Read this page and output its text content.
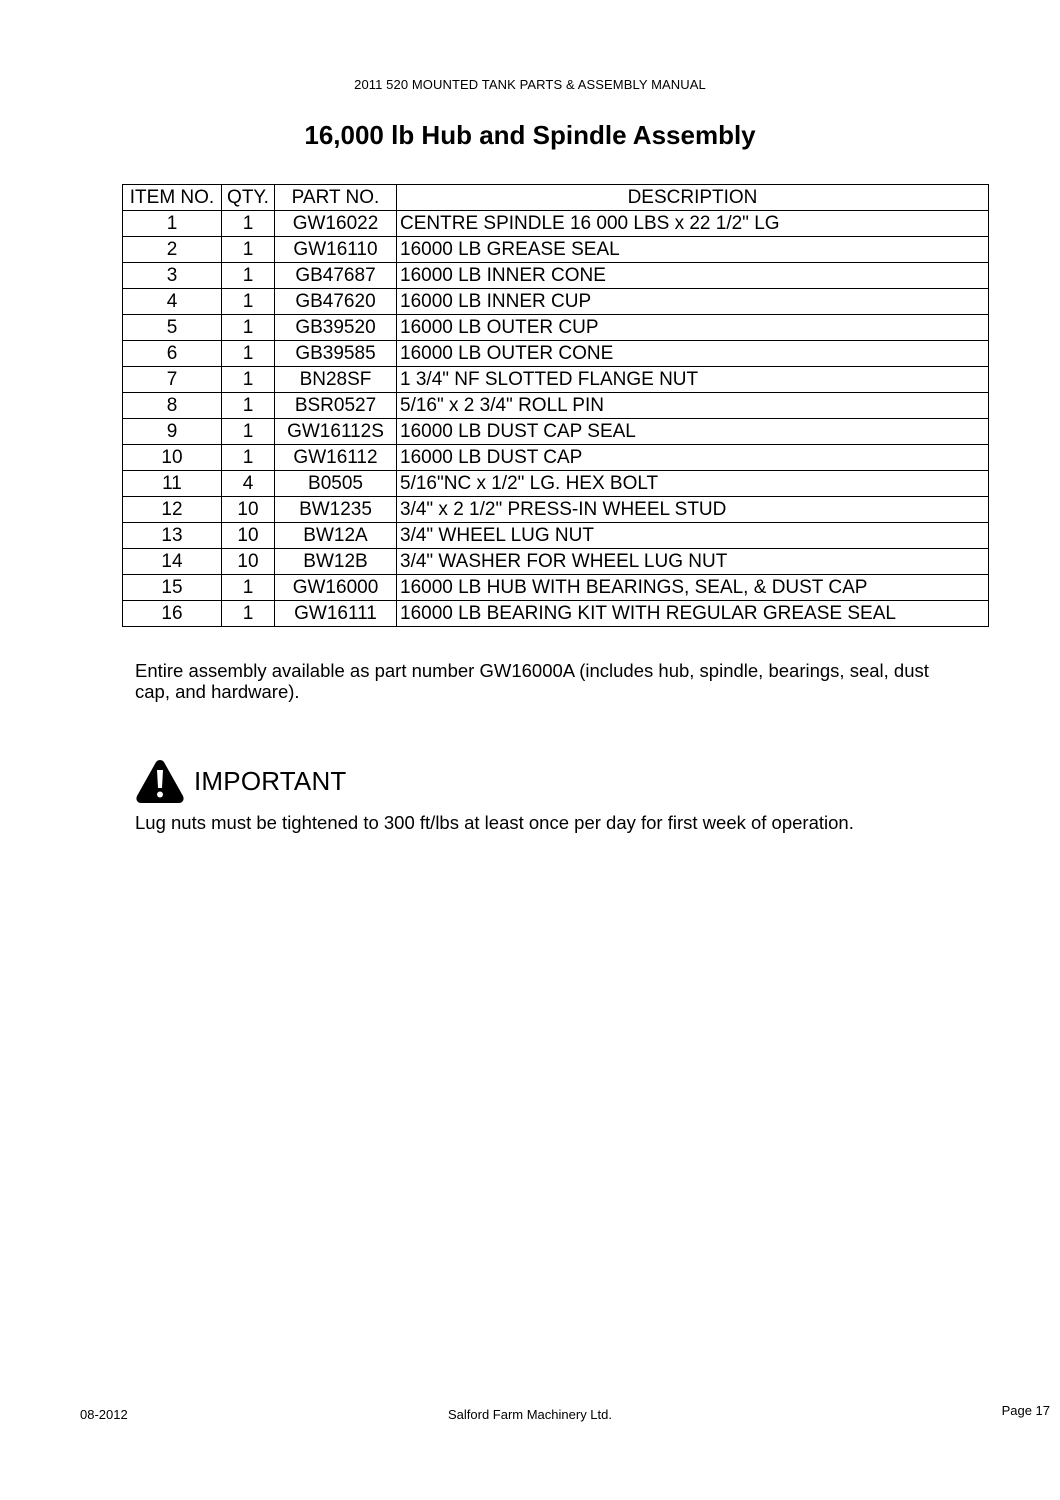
2011 520 MOUNTED TANK PARTS & ASSEMBLY MANUAL
16,000 lb Hub and Spindle Assembly
ITEM NO.	QTY.	PART NO.	DESCRIPTION
1	1	GW16022	CENTRE SPINDLE 16 000 LBS x 22 1/2" LG
2	1	GW16110	16000 LB GREASE SEAL
3	1	GB47687	16000 LB INNER CONE
4	1	GB47620	16000 LB INNER CUP
5	1	GB39520	16000 LB OUTER CUP
6	1	GB39585	16000 LB OUTER CONE
7	1	BN28SF	1 3/4" NF SLOTTED FLANGE NUT
8	1	BSR0527	5/16" x 2 3/4" ROLL PIN
9	1	GW16112S	16000 LB DUST CAP SEAL
10	1	GW16112	16000 LB DUST CAP
11	4	B0505	5/16"NC x 1/2" LG. HEX BOLT
12	10	BW1235	3/4" x 2 1/2" PRESS-IN WHEEL STUD
13	10	BW12A	3/4" WHEEL LUG NUT
14	10	BW12B	3/4" WASHER FOR WHEEL LUG NUT
15	1	GW16000	16000 LB HUB WITH BEARINGS, SEAL, & DUST CAP
16	1	GW16111	16000 LB BEARING KIT WITH REGULAR GREASE SEAL
Entire assembly available as part number GW16000A (includes hub, spindle, bearings, seal, dust cap, and hardware).
IMPORTANT
Lug nuts must be tightened to 300 ft/lbs at least once per day for first week of operation.
08-2012	Salford Farm Machinery Ltd.	Page 17
